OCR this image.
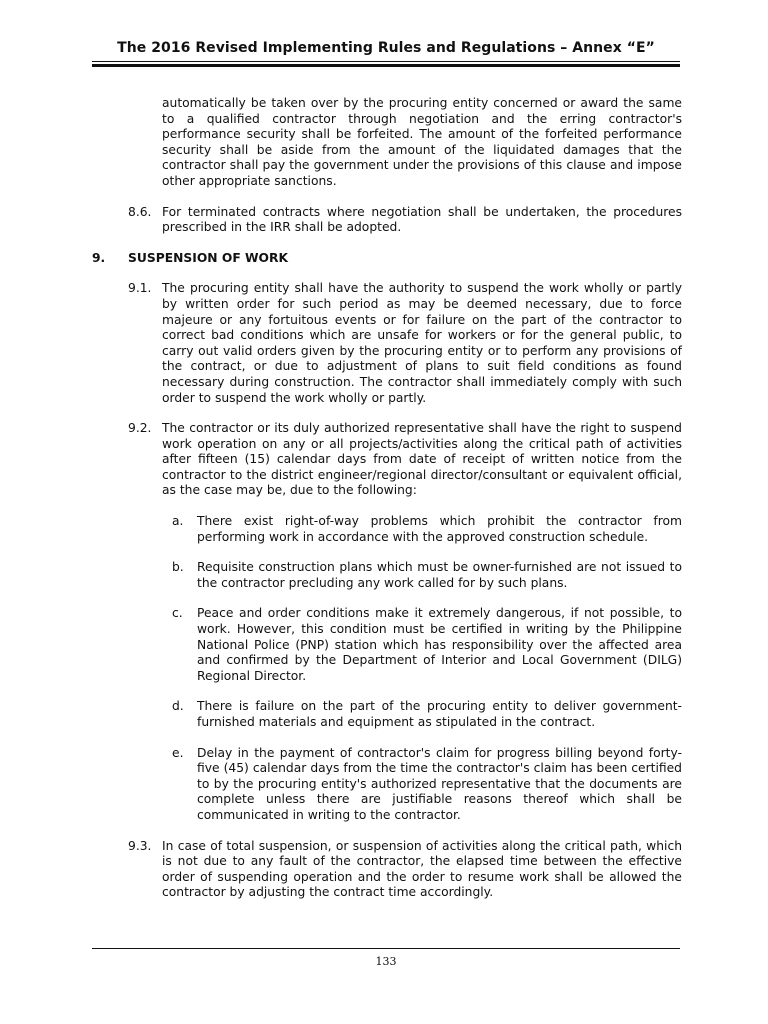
The 2016 Revised Implementing Rules and Regulations – Annex “E”

automatically be taken over by the procuring entity concerned or award the same to a qualified contractor through negotiation and the erring contractor's performance security shall be forfeited. The amount of the forfeited performance security shall be aside from the amount of the liquidated damages that the contractor shall pay the government under the provisions of this clause and impose other appropriate sanctions.

8.6. For terminated contracts where negotiation shall be undertaken, the procedures prescribed in the IRR shall be adopted.

9. SUSPENSION OF WORK
9.1. The procuring entity shall have the authority to suspend the work wholly or partly by written order for such period as may be deemed necessary, due to force majeure or any fortuitous events or for failure on the part of the contractor to correct bad conditions which are unsafe for workers or for the general public, to carry out valid orders given by the procuring entity or to perform any provisions of the contract, or due to adjustment of plans to suit field conditions as found necessary during construction. The contractor shall immediately comply with such order to suspend the work wholly or partly.

9.2. The contractor or its duly authorized representative shall have the right to suspend work operation on any or all projects/activities along the critical path of activities after fifteen (15) calendar days from date of receipt of written notice from the contractor to the district engineer/regional director/consultant or equivalent official, as the case may be, due to the following:

a. There exist right-of-way problems which prohibit the contractor from performing work in accordance with the approved construction schedule.

b. Requisite construction plans which must be owner-furnished are not issued to the contractor precluding any work called for by such plans.

c. Peace and order conditions make it extremely dangerous, if not possible, to work. However, this condition must be certified in writing by the Philippine National Police (PNP) station which has responsibility over the affected area and confirmed by the Department of Interior and Local Government (DILG) Regional Director.

d. There is failure on the part of the procuring entity to deliver government-furnished materials and equipment as stipulated in the contract.

e. Delay in the payment of contractor's claim for progress billing beyond forty-five (45) calendar days from the time the contractor's claim has been certified to by the procuring entity's authorized representative that the documents are complete unless there are justifiable reasons thereof which shall be communicated in writing to the contractor.

9.3. In case of total suspension, or suspension of activities along the critical path, which is not due to any fault of the contractor, the elapsed time between the effective order of suspending operation and the order to resume work shall be allowed the contractor by adjusting the contract time accordingly.

133
